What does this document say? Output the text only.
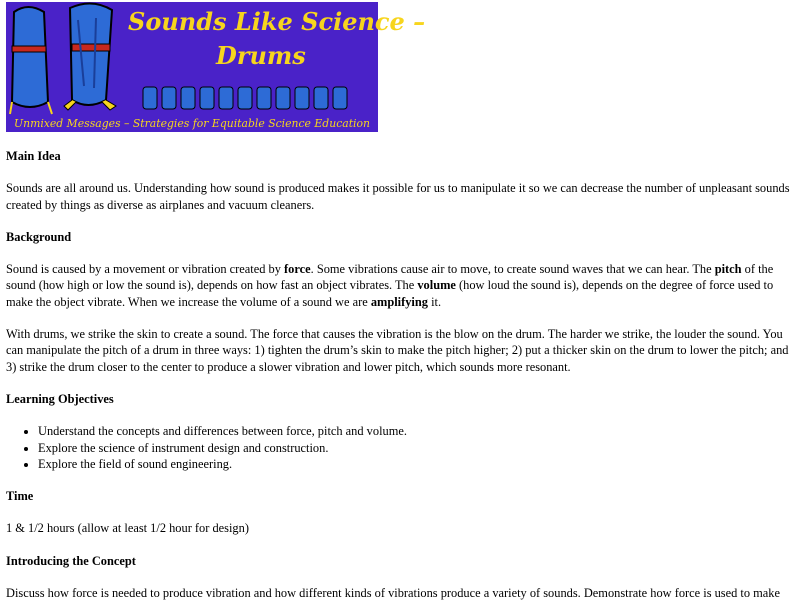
Sounds Like Science –
Drums
Unmixed Messages – Strategies for Equitable Science Education
Main Idea

Sounds are all around us. Understanding how sound is produced makes it possible for us to manipulate it so we can decrease the number of unpleasant sounds created by things as diverse as airplanes and vacuum cleaners.

Background

Sound is caused by a movement or vibration created by force. Some vibrations cause air to move, to create sound waves that we can hear. The pitch of the sound (how high or low the sound is), depends on how fast an object vibrates. The volume (how loud the sound is), depends on the degree of force used to make the object vibrate. When we increase the volume of a sound we are amplifying it.

With drums, we strike the skin to create a sound. The force that causes the vibration is the blow on the drum. The harder we strike, the louder the sound. You can manipulate the pitch of a drum in three ways: 1) tighten the drum’s skin to make the pitch higher; 2) put a thicker skin on the drum to lower the pitch; and 3) strike the drum closer to the center to produce a slower vibration and lower pitch, which sounds more resonant.

Learning Objectives
• Understand the concepts and differences between force, pitch and volume.
• Explore the science of instrument design and construction.
• Explore the field of sound engineering.
Time

1 & 1/2 hours (allow at least 1/2 hour for design)

Introducing the Concept

Discuss how force is needed to produce vibration and how different kinds of vibrations produce a variety of sounds. Demonstrate how force is used to make
